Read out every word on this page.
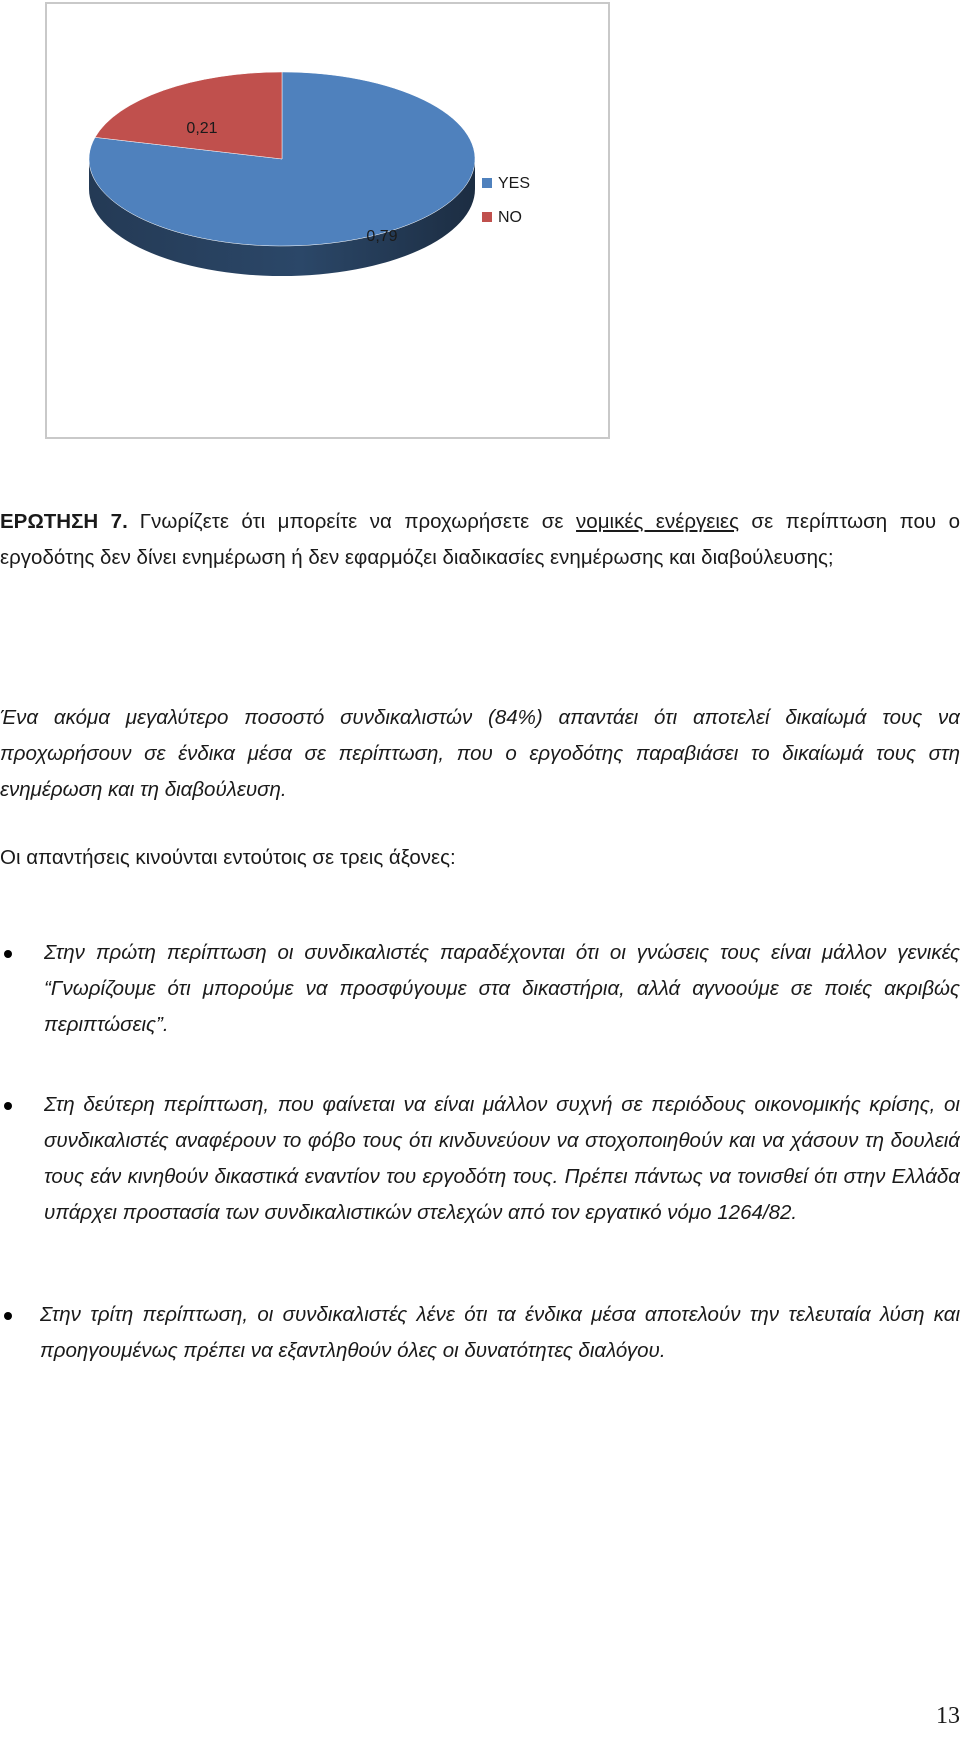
0,79
0,21
YES
NO

ΕΡΩΤΗΣΗ 7. Γνωρίζετε ότι μπορείτε να προχωρήσετε σε νομικές ενέργειες σε περίπτωση που ο εργοδότης δεν δίνει ενημέρωση ή δεν εφαρμόζει διαδικασίες ενημέρωσης και διαβούλευσης;

Ένα ακόμα μεγαλύτερο ποσοστό συνδικαλιστών (84%) απαντάει ότι αποτελεί δικαίωμά τους να προχωρήσουν σε ένδικα μέσα σε περίπτωση, που ο εργοδότης παραβιάσει το δικαίωμά τους στη ενημέρωση και τη διαβούλευση.

Οι απαντήσεις κινούνται εντούτοις σε τρεις άξονες:

Στην πρώτη περίπτωση οι συνδικαλιστές παραδέχονται ότι οι γνώσεις τους είναι μάλλον γενικές “Γνωρίζουμε ότι μπορούμε να προσφύγουμε στα δικαστήρια, αλλά αγνοούμε σε ποιές ακριβώς περιπτώσεις”.

Στη δεύτερη περίπτωση, που φαίνεται να είναι μάλλον συχνή σε περιόδους οικονομικής κρίσης, οι συνδικαλιστές αναφέρουν το φόβο τους ότι κινδυνεύουν να στοχοποιηθούν και να χάσουν τη δουλειά τους εάν κινηθούν δικαστικά εναντίον του εργοδότη τους. Πρέπει πάντως να τονισθεί ότι στην Ελλάδα υπάρχει προστασία των συνδικαλιστικών στελεχών από τον εργατικό νόμο 1264/82.

Στην τρίτη περίπτωση, οι συνδικαλιστές λένε ότι τα ένδικα μέσα αποτελούν την τελευταία λύση και προηγουμένως πρέπει να εξαντληθούν όλες οι δυνατότητες διαλόγου.

13
